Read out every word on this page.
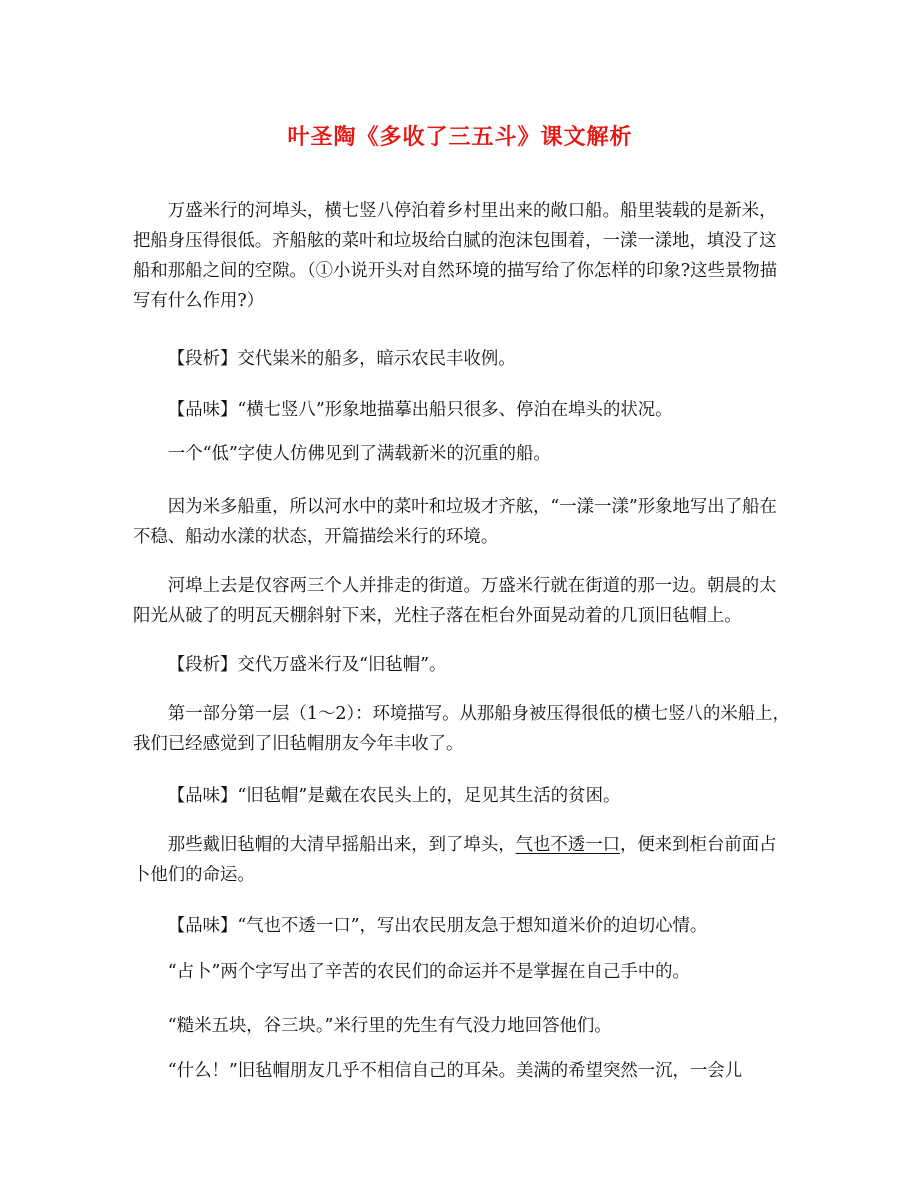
叶圣陶《多收了三五斗》课文解析

万盛米行的河埠头，横七竖八停泊着乡村里出来的敞口船。船里装载的是新米，把船身压得很低。齐船舷的菜叶和垃圾给白腻的泡沫包围着，一漾一漾地，填没了这船和那船之间的空隙。（①小说开头对自然环境的描写给了你怎样的印象?这些景物描写有什么作用?）

【段析】交代粜米的船多，暗示农民丰收例。

【品味】“横七竖八”形象地描摹出船只很多、停泊在埠头的状况。

一个“低”字使人仿佛见到了满载新米的沉重的船。

因为米多船重，所以河水中的菜叶和垃圾才齐舷，“一漾一漾”形象地写出了船在不稳、船动水漾的状态，开篇描绘米行的环境。

河埠上去是仅容两三个人并排走的街道。万盛米行就在街道的那一边。朝晨的太阳光从破了的明瓦天棚斜射下来，光柱子落在柜台外面晃动着的几顶旧毡帽上。

【段析】交代万盛米行及“旧毡帽”。

第一部分第一层（1～2）：环境描写。从那船身被压得很低的横七竖八的米船上，我们已经感觉到了旧毡帽朋友今年丰收了。

【品味】“旧毡帽”是戴在农民头上的，足见其生活的贫困。

那些戴旧毡帽的大清早摇船出来，到了埠头，气也不透一口，便来到柜台前面占卜他们的命运。

【品味】“气也不透一口”，写出农民朋友急于想知道米价的迫切心情。

“占卜”两个字写出了辛苦的农民们的命运并不是掌握在自己手中的。

“糙米五块，谷三块。”米行里的先生有气没力地回答他们。

“什么！”旧毡帽朋友几乎不相信自己的耳朵。美满的希望突然一沉，一会儿
